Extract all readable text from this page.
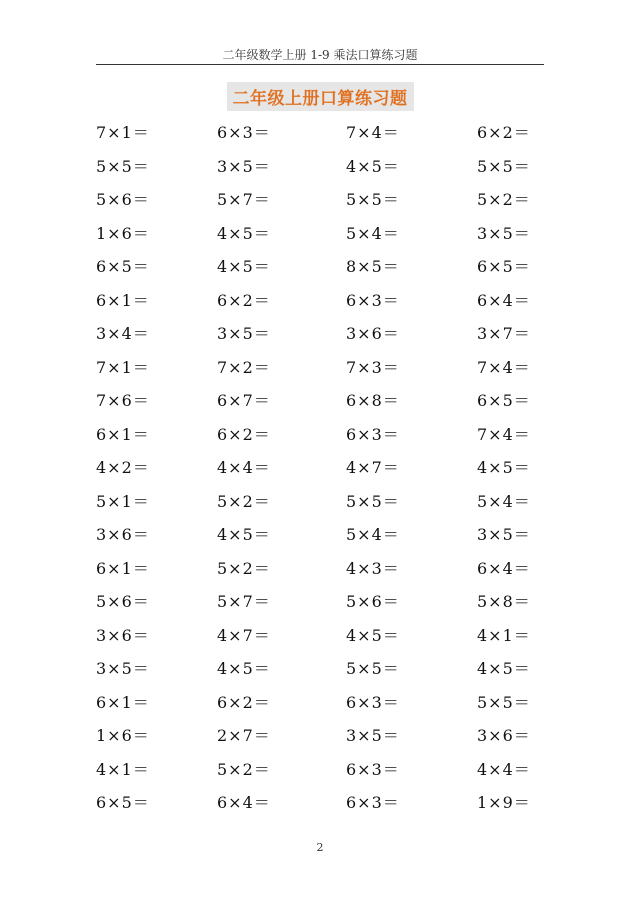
二年级数学上册 1-9 乘法口算练习题
二年级上册口算练习题
7×1＝	6×3＝	7×4＝	6×2＝
5×5＝	3×5＝	4×5＝	5×5＝
5×6＝	5×7＝	5×5＝	5×2＝
1×6＝	4×5＝	5×4＝	3×5＝
6×5＝	4×5＝	8×5＝	6×5＝
6×1＝	6×2＝	6×3＝	6×4＝
3×4＝	3×5＝	3×6＝	3×7＝
7×1＝	7×2＝	7×3＝	7×4＝
7×6＝	6×7＝	6×8＝	6×5＝
6×1＝	6×2＝	6×3＝	7×4＝
4×2＝	4×4＝	4×7＝	4×5＝
5×1＝	5×2＝	5×5＝	5×4＝
3×6＝	4×5＝	5×4＝	3×5＝
6×1＝	5×2＝	4×3＝	6×4＝
5×6＝	5×7＝	5×6＝	5×8＝
3×6＝	4×7＝	4×5＝	4×1＝
3×5＝	4×5＝	5×5＝	4×5＝
6×1＝	6×2＝	6×3＝	5×5＝
1×6＝	2×7＝	3×5＝	3×6＝
4×1＝	5×2＝	6×3＝	4×4＝
6×5＝	6×4＝	6×3＝	1×9＝
2
